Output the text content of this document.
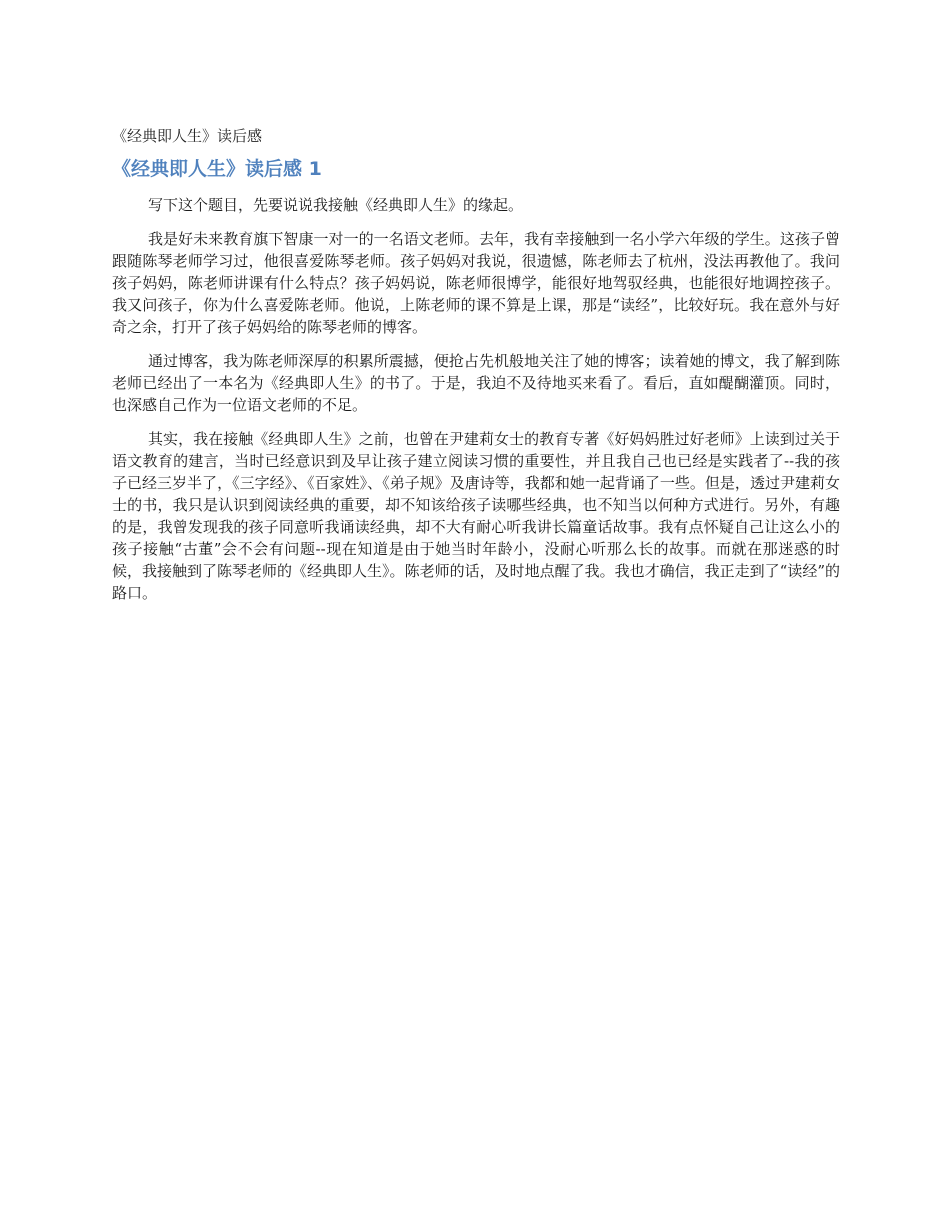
《经典即人生》读后感
《经典即人生》读后感 1

写下这个题目，先要说说我接触《经典即人生》的缘起。

我是好未来教育旗下智康一对一的一名语文老师。去年，我有幸接触到一名小学六年级的学生。这孩子曾跟随陈琴老师学习过，他很喜爱陈琴老师。孩子妈妈对我说，很遗憾，陈老师去了杭州，没法再教他了。我问孩子妈妈，陈老师讲课有什么特点？孩子妈妈说，陈老师很博学，能很好地驾驭经典，也能很好地调控孩子。我又问孩子，你为什么喜爱陈老师。他说，上陈老师的课不算是上课，那是“读经”，比较好玩。我在意外与好奇之余，打开了孩子妈妈给的陈琴老师的博客。

通过博客，我为陈老师深厚的积累所震撼，便抢占先机般地关注了她的博客；读着她的博文，我了解到陈老师已经出了一本名为《经典即人生》的书了。于是，我迫不及待地买来看了。看后，直如醍醐灌顶。同时，也深感自己作为一位语文老师的不足。

其实，我在接触《经典即人生》之前，也曾在尹建莉女士的教育专著《好妈妈胜过好老师》上读到过关于语文教育的建言，当时已经意识到及早让孩子建立阅读习惯的重要性，并且我自己也已经是实践者了--我的孩子已经三岁半了，《三字经》、《百家姓》、《弟子规》及唐诗等，我都和她一起背诵了一些。但是，透过尹建莉女士的书，我只是认识到阅读经典的重要，却不知该给孩子读哪些经典，也不知当以何种方式进行。另外，有趣的是，我曾发现我的孩子同意听我诵读经典，却不大有耐心听我讲长篇童话故事。我有点怀疑自己让这么小的孩子接触“古董”会不会有问题--现在知道是由于她当时年龄小，没耐心听那么长的故事。而就在那迷惑的时候，我接触到了陈琴老师的《经典即人生》。陈老师的话，及时地点醒了我。我也才确信，我正走到了“读经”的路口。
